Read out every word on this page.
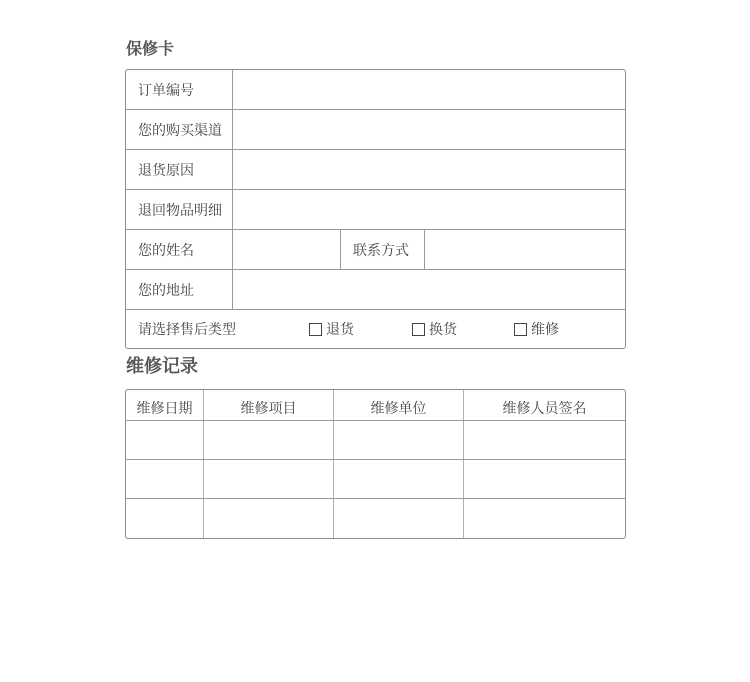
保修卡
订单编号
您的购买渠道
退货原因
退回物品明细
您的姓名	联系方式
您的地址
请选择售后类型	退货	换货	维修
维修记录
维修日期	维修项目	维修单位	维修人员签名
